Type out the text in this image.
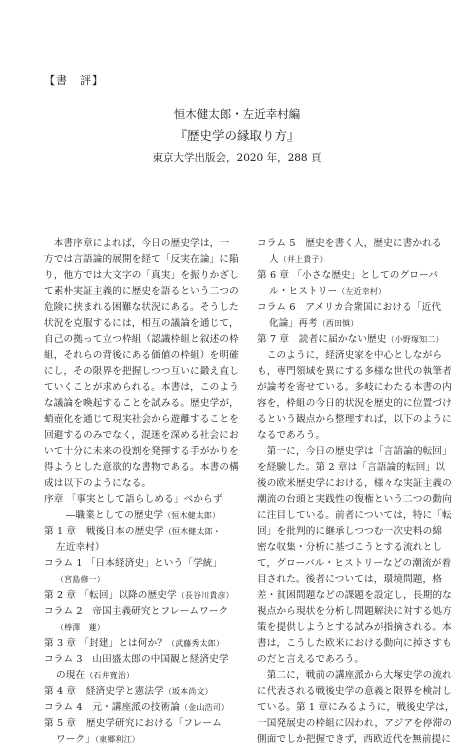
【書　評】
恒木健太郎・左近幸村編
『歴史学の縁取り方』
東京大学出版会，2020 年，288 頁
　本書序章によれば，今日の歴史学は，一
方では言語論的展開を経て「反実在論」に陥
り，他方では大文字の「真実」を振りかざし
て素朴実証主義的に歴史を語るという二つの
危険に挟まれる困難な状況にある。そうした
状況を克服するには，相互の議論を通じて，
自己の拠って立つ枠組（認識枠組と叙述の枠
組，それらの背後にある価値の枠組）を明確
にし，その限界を把握しつつ互いに鍛え直し
ていくことが求められる。本書は，このよう
な議論を喚起することを試みる。歴史学が，
蛸壺化を通じて現実社会から遊離することを
回避するのみでなく，混迷を深める社会にお
いて十分に未来の役割を発揮する手がかりを
得ようとした意欲的な書物である。本書の構
成は以下のようになる。
序章 「事実として語らしめる」べからず
　―職業としての歴史学（恒木健太郎）
第 1 章　戦後日本の歴史学（恒木健太郎・
左近幸村）
コラム 1 「日本経済史」という「学統」
（宮島修一）
第 2 章 「転回」以降の歴史学（長谷川貴彦）
コラム 2　帝国主義研究とフレームワーク
（棒澤　蓮）
第 3 章 「封建」とは何か？（武藤秀太郎）
コラム 3　山田盛太郎の中国観と経済史学
の現在（石井寛治）
第 4 章　経済史学と憲法学（坂本尚文）
コラム 4　元・講座派の技術論（金山浩司）
第 5 章　歴史学研究における「フレーム
ワーク」（東郷利江）
コラム 5　歴史を書く人，歴史に書かれる
人（井上貴子）
第 6 章 「小さな歴史」としてのグローバ
ル・ヒストリー（左近幸村）
コラム 6　アメリカ合衆国における「近代
化論」再考（西田慎）
第 7 章　読者に届かない歴史（小野塚知二）
　このように，経済史家を中心としながら
も，専門領域を異にする多様な世代の執筆者
が論考を寄せている。多岐にわたる本書の内
容を，枠組の今日的状況を歴史的に位置づけ
るという観点から整理すれば，以下のように
なるであろう。
　第一に，今日の歴史学は「言語論的転回」
を経験した。第 2 章は「言語論的転回」以
後の欧米歴史学における，様々な実証主義の
潮流の台頭と実践性の復権という二つの動向
に注目している。前者については，特に「転
回」を批判的に継承しつつむ一次史料の綿
密な収集・分析に基づこうとする流れとし
て，グローバル・ヒストリーなどの潮流が着
目された。後者については，環境問題，格
差・貧困問題などの課題を設定し，長期的な
視点から現状を分析し問題解決に対する処方
策を提供しようとする試みが指摘される。本
書は，こうした欧米における動向に掉さすも
のだと言えるであろう。
　第二に，戦前の講座派から大塚史学の流れ
に代表される戦後史学の意義と限界を検討し
ている。第 1 章にみるように，戦後史学は，
一国発展史の枠組に囚われ，アジアを停滞の
側面でしか把握できず，西欧近代を無前提に
